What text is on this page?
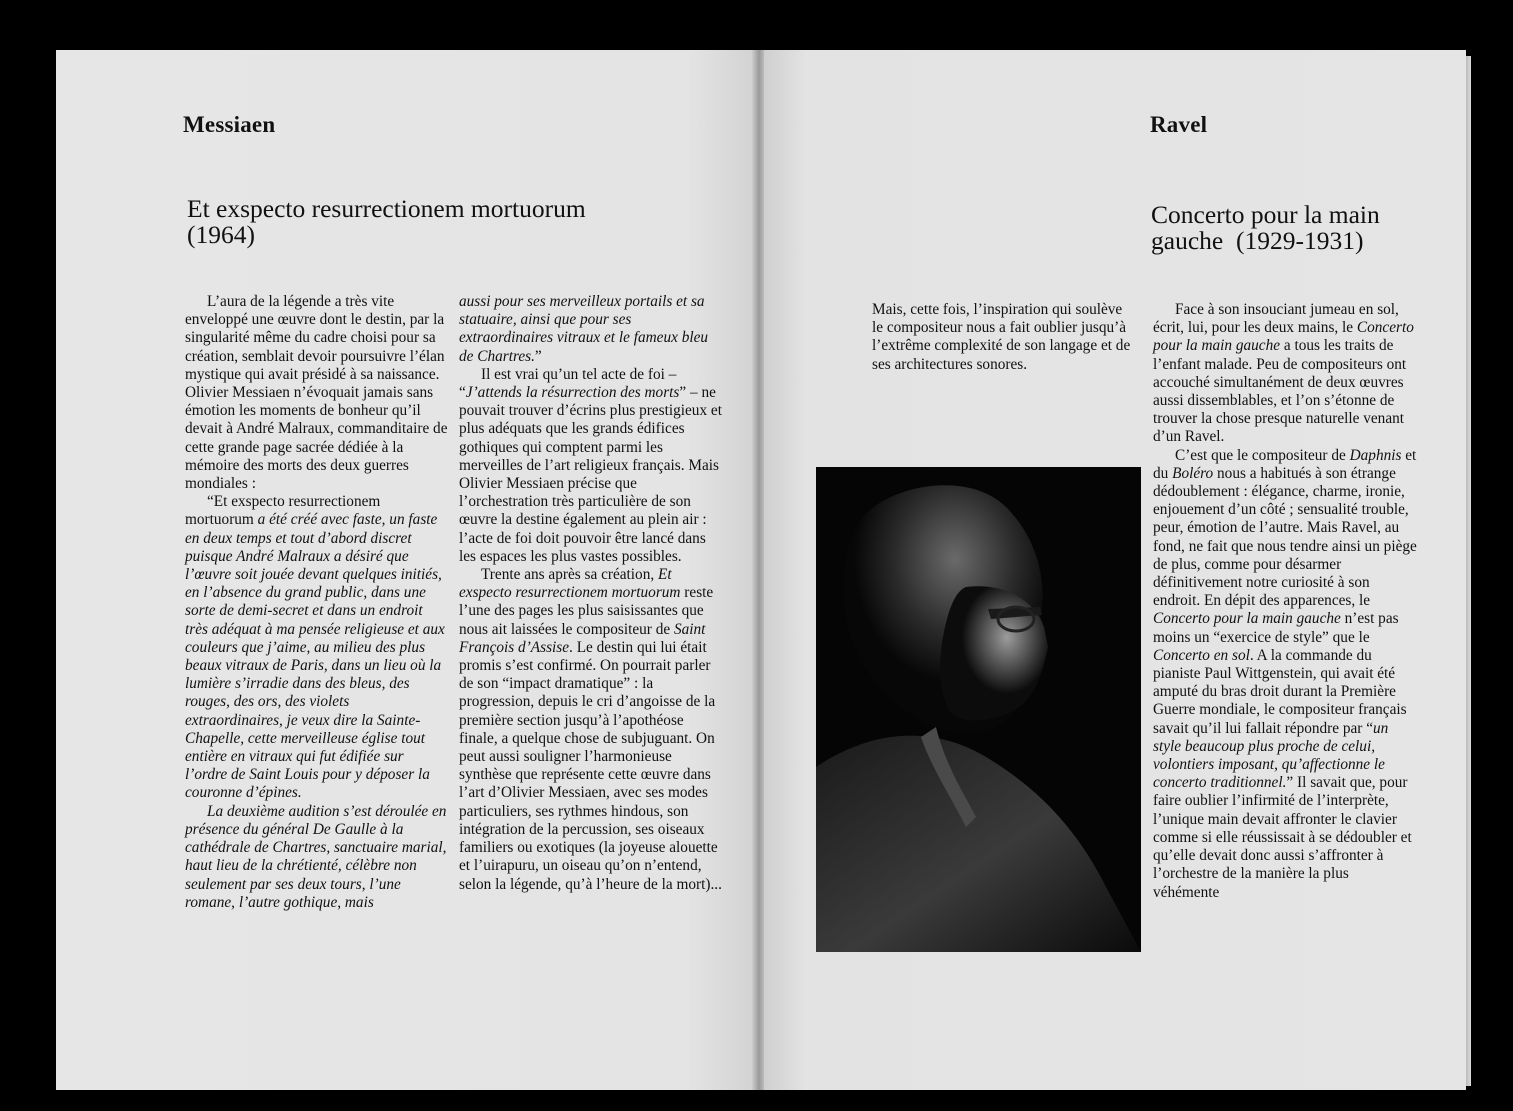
Messiaen
Et exspecto resurrectionem mortuorum
(1964)

L’aura de la légende a très vite enveloppé une œuvre dont le destin, par la singularité même du cadre choisi pour sa création, semblait devoir poursuivre l’élan mystique qui avait présidé à sa naissance. Olivier Messiaen n’évoquait jamais sans émotion les moments de bonheur qu’il devait à André Malraux, commanditaire de cette grande page sacrée dédiée à la mémoire des morts des deux guerres mondiales :

“Et exspecto resurrectionem mortuorum a été créé avec faste, un faste en deux temps et tout d’abord discret puisque André Malraux a désiré que l’œuvre soit jouée devant quelques initiés, en l’absence du grand public, dans une sorte de demi-secret et dans un endroit très adéquat à ma pensée religieuse et aux couleurs que j’aime, au milieu des plus beaux vitraux de Paris, dans un lieu où la lumière s’irradie dans des bleus, des rouges, des ors, des violets extraordinaires, je veux dire la Sainte-Chapelle, cette merveilleuse église tout entière en vitraux qui fut édifiée sur l’ordre de Saint Louis pour y déposer la couronne d’épines.

La deuxième audition s’est déroulée en présence du général De Gaulle à la cathédrale de Chartres, sanctuaire marial, haut lieu de la chrétienté, célèbre non seulement par ses deux tours, l’une romane, l’autre gothique, mais

aussi pour ses merveilleux portails et sa statuaire, ainsi que pour ses extraordinaires vitraux et le fameux bleu de Chartres.”

Il est vrai qu’un tel acte de foi – “J’attends la résurrection des morts” – ne pouvait trouver d’écrins plus prestigieux et plus adéquats que les grands édifices gothiques qui comptent parmi les merveilles de l’art religieux français. Mais Olivier Messiaen précise que l’orchestration très particulière de son œuvre la destine également au plein air : l’acte de foi doit pouvoir être lancé dans les espaces les plus vastes possibles.

Trente ans après sa création, Et exspecto resurrectionem mortuorum reste l’une des pages les plus saisissantes que nous ait laissées le compositeur de Saint François d’Assise. Le destin qui lui était promis s’est confirmé. On pourrait parler de son “impact dramatique” : la progression, depuis le cri d’angoisse de la première section jusqu’à l’apothéose finale, a quelque chose de subjuguant. On peut aussi souligner l’harmonieuse synthèse que représente cette œuvre dans l’art d’Olivier Messiaen, avec ses modes particuliers, ses rythmes hindous, son intégration de la percussion, ses oiseaux familiers ou exotiques (la joyeuse alouette et l’uirapuru, un oiseau qu’on n’entend, selon la légende, qu’à l’heure de la mort)...

Ravel
Concerto pour la main
gauche  (1929-1931)

Mais, cette fois, l’inspiration qui soulève le compositeur nous a fait oublier jusqu’à l’extrême complexité de son langage et de ses architectures sonores.

Face à son insouciant jumeau en sol, écrit, lui, pour les deux mains, le Concerto pour la main gauche a tous les traits de l’enfant malade. Peu de compositeurs ont accouché simultanément de deux œuvres aussi dissemblables, et l’on s’étonne de trouver la chose presque naturelle venant d’un Ravel.

C’est que le compositeur de Daphnis et du Boléro nous a habitués à son étrange dédoublement : élégance, charme, ironie, enjouement d’un côté ; sensualité trouble, peur, émotion de l’autre. Mais Ravel, au fond, ne fait que nous tendre ainsi un piège de plus, comme pour désarmer définitivement notre curiosité à son endroit. En dépit des apparences, le Concerto pour la main gauche n’est pas moins un “exercice de style” que le Concerto en sol. A la commande du pianiste Paul Wittgenstein, qui avait été amputé du bras droit durant la Première Guerre mondiale, le compositeur français savait qu’il lui fallait répondre par “un style beaucoup plus proche de celui, volontiers imposant, qu’affectionne le concerto traditionnel.” Il savait que, pour faire oublier l’infirmité de l’interprète, l’unique main devait affronter le clavier comme si elle réussissait à se dédoubler et qu’elle devait donc aussi s’affronter à l’orchestre de la manière la plus véhémente
